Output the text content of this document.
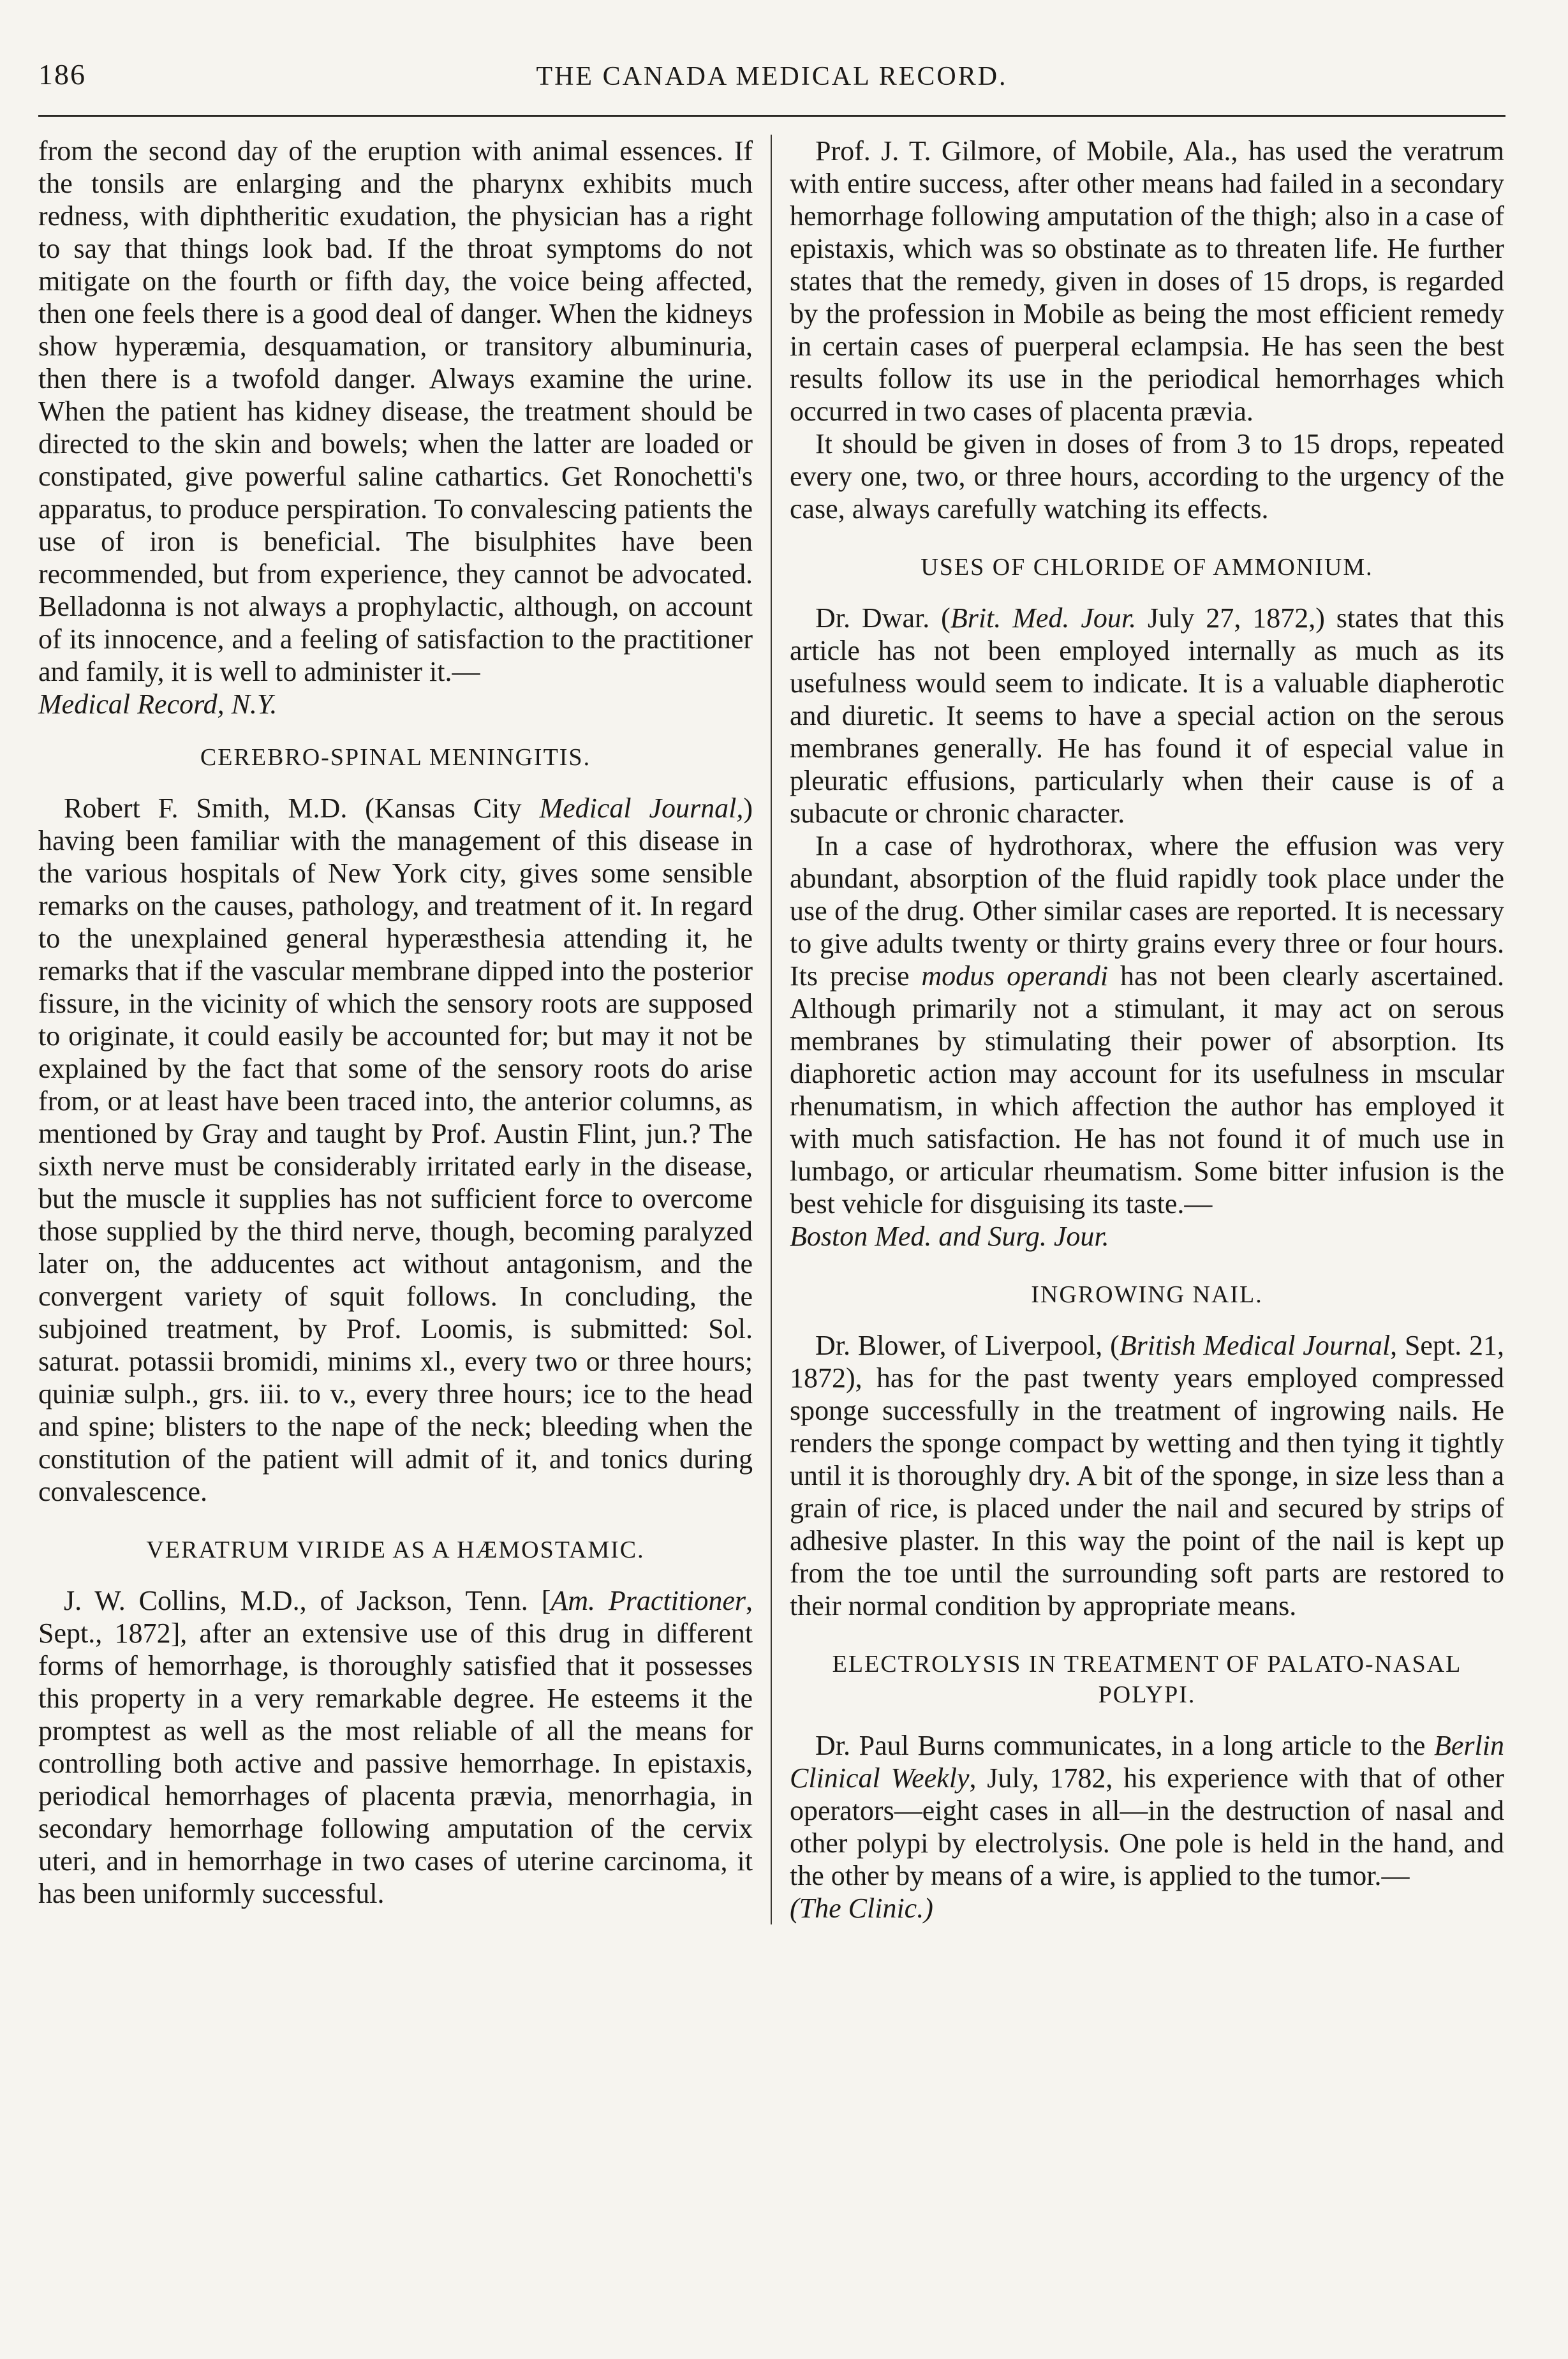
186	THE CANADA MEDICAL RECORD.

from the second day of the eruption with animal essences. If the tonsils are enlarging and the pharynx exhibits much redness, with diphtheritic exudation, the physician has a right to say that things look bad. If the throat symptoms do not mitigate on the fourth or fifth day, the voice being affected, then one feels there is a good deal of danger. When the kidneys show hyperæmia, desquamation, or transitory albuminuria, then there is a twofold danger. Always examine the urine. When the patient has kidney disease, the treatment should be directed to the skin and bowels; when the latter are loaded or constipated, give powerful saline cathartics. Get Ronochetti's apparatus, to produce perspiration. To convalescing patients the use of iron is beneficial. The bisulphites have been recommended, but from experience, they cannot be advocated. Belladonna is not always a prophylactic, although, on account of its innocence, and a feeling of satisfaction to the practitioner and family, it is well to administer it.—
Medical Record, N.Y.

CEREBRO-SPINAL MENINGITIS.

Robert F. Smith, M.D. (Kansas City Medical Journal,) having been familiar with the management of this disease in the various hospitals of New York city, gives some sensible remarks on the causes, pathology, and treatment of it. In regard to the unexplained general hyperæsthesia attending it, he remarks that if the vascular membrane dipped into the posterior fissure, in the vicinity of which the sensory roots are supposed to originate, it could easily be accounted for; but may it not be explained by the fact that some of the sensory roots do arise from, or at least have been traced into, the anterior columns, as mentioned by Gray and taught by Prof. Austin Flint, jun.? The sixth nerve must be considerably irritated early in the disease, but the muscle it supplies has not sufficient force to overcome those supplied by the third nerve, though, becoming paralyzed later on, the adducentes act without antagonism, and the convergent variety of squit follows. In concluding, the subjoined treatment, by Prof. Loomis, is submitted: Sol. saturat. potassii bromidi, minims xl., every two or three hours; quiniæ sulph., grs. iii. to v., every three hours; ice to the head and spine; blisters to the nape of the neck; bleeding when the constitution of the patient will admit of it, and tonics during convalescence.

VERATRUM VIRIDE AS A HÆMOSTAMIC.

J. W. Collins, M.D., of Jackson, Tenn. [Am. Practitioner, Sept., 1872], after an extensive use of this drug in different forms of hemorrhage, is thoroughly satisfied that it possesses this property in a very remarkable degree. He esteems it the promptest as well as the most reliable of all the means for controlling both active and passive hemorrhage. In epistaxis, periodical hemorrhages of placenta prævia, menorrhagia, in secondary hemorrhage following amputation of the cervix uteri, and in hemorrhage in two cases of uterine carcinoma, it has been uniformly successful.

Prof. J. T. Gilmore, of Mobile, Ala., has used the veratrum with entire success, after other means had failed in a secondary hemorrhage following amputation of the thigh; also in a case of epistaxis, which was so obstinate as to threaten life. He further states that the remedy, given in doses of 15 drops, is regarded by the profession in Mobile as being the most efficient remedy in certain cases of puerperal eclampsia. He has seen the best results follow its use in the periodical hemorrhages which occurred in two cases of placenta prævia.

It should be given in doses of from 3 to 15 drops, repeated every one, two, or three hours, according to the urgency of the case, always carefully watching its effects.

USES OF CHLORIDE OF AMMONIUM.

Dr. Dwar. (Brit. Med. Jour. July 27, 1872,) states that this article has not been employed internally as much as its usefulness would seem to indicate. It is a valuable diapherotic and diuretic. It seems to have a special action on the serous membranes generally. He has found it of especial value in pleuratic effusions, particularly when their cause is of a subacute or chronic character.

In a case of hydrothorax, where the effusion was very abundant, absorption of the fluid rapidly took place under the use of the drug. Other similar cases are reported. It is necessary to give adults twenty or thirty grains every three or four hours. Its precise modus operandi has not been clearly ascertained. Although primarily not a stimulant, it may act on serous membranes by stimulating their power of absorption. Its diaphoretic action may account for its usefulness in mscular rhenumatism, in which affection the author has employed it with much satisfaction. He has not found it of much use in lumbago, or articular rheumatism. Some bitter infusion is the best vehicle for disguising its taste.—
Boston Med. and Surg. Jour.

INGROWING NAIL.

Dr. Blower, of Liverpool, (British Medical Journal, Sept. 21, 1872), has for the past twenty years employed compressed sponge successfully in the treatment of ingrowing nails. He renders the sponge compact by wetting and then tying it tightly until it is thoroughly dry. A bit of the sponge, in size less than a grain of rice, is placed under the nail and secured by strips of adhesive plaster. In this way the point of the nail is kept up from the toe until the surrounding soft parts are restored to their normal condition by appropriate means.

ELECTROLYSIS IN TREATMENT OF PALATO-NASAL
POLYPI.

Dr. Paul Burns communicates, in a long article to the Berlin Clinical Weekly, July, 1782, his experience with that of other operators—eight cases in all—in the destruction of nasal and other polypi by electrolysis. One pole is held in the hand, and the other by means of a wire, is applied to the tumor.—
(The Clinic.)
